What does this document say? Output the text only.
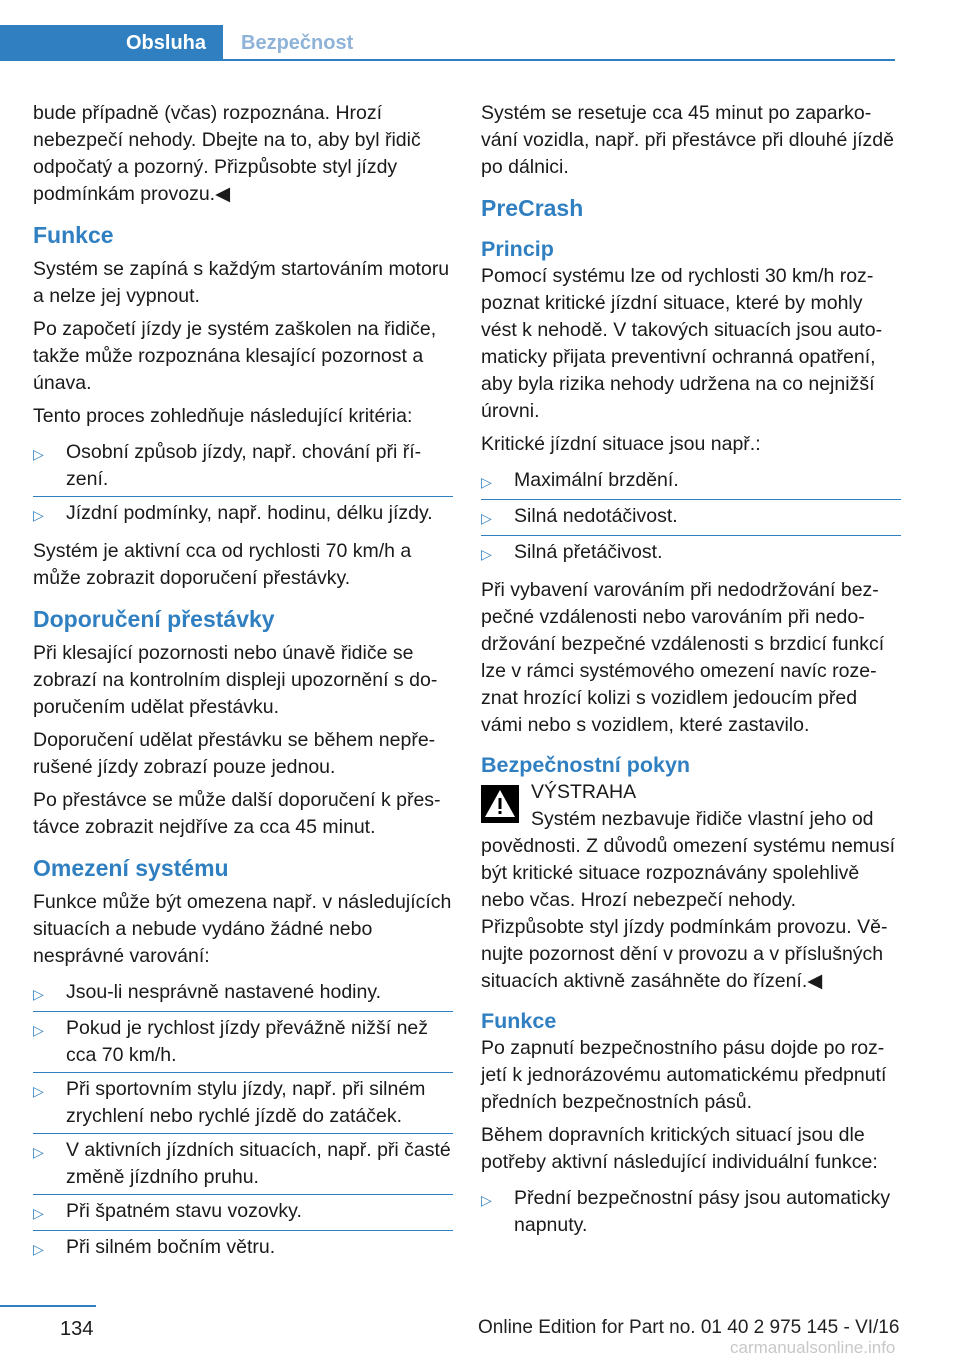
Obsluha	Bezpečnost

bude případně (včas) rozpoznána. Hrozí nebezpečí nehody. Dbejte na to, aby byl řidič odpočatý a pozorný. Přizpůsobte styl jízdy podmínkám provozu.◀

Funkce

Systém se zapíná s každým startováním motoru a nelze jej vypnout.

Po započetí jízdy je systém zaškolen na řidiče, takže může rozpoznána klesající pozornost a únava.

Tento proces zohledňuje následující kritéria:

▷	Osobní způsob jízdy, např. chování při řízení.
▷	Jízdní podmínky, např. hodinu, délku jízdy.

Systém je aktivní cca od rychlosti 70 km/h a může zobrazit doporučení přestávky.

Doporučení přestávky

Při klesající pozornosti nebo únavě řidiče se zobrazí na kontrolním displeji upozornění s doporučením udělat přestávku.

Doporučení udělat přestávku se během nepřerušené jízdy zobrazí pouze jednou.

Po přestávce se může další doporučení k přestávce zobrazit nejdříve za cca 45 minut.

Omezení systému

Funkce může být omezena např. v následujících situacích a nebude vydáno žádné nebo nesprávné varování:

▷	Jsou-li nesprávně nastavené hodiny.
▷	Pokud je rychlost jízdy převážně nižší než cca 70 km/h.
▷	Při sportovním stylu jízdy, např. při silném zrychlení nebo rychlé jízdě do zatáček.
▷	V aktivních jízdních situacích, např. při časté změně jízdního pruhu.
▷	Při špatném stavu vozovky.
▷	Při silném bočním větru.

Systém se resetuje cca 45 minut po zaparkování vozidla, např. při přestávce při dlouhé jízdě po dálnici.

PreCrash
Princip

Pomocí systému lze od rychlosti 30 km/h rozpoznat kritické jízdní situace, které by mohly vést k nehodě. V takových situacích jsou automaticky přijata preventivní ochranná opatření, aby byla rizika nehody udržena na co nejnižší úrovni.

Kritické jízdní situace jsou např.:

▷	Maximální brzdění.
▷	Silná nedotáčivost.
▷	Silná přetáčivost.

Při vybavení varováním při nedodržování bezpečné vzdálenosti nebo varováním při nedodržování bezpečné vzdálenosti s brzdicí funkcí lze v rámci systémového omezení navíc rozeznat hrozící kolizi s vozidlem jedoucím před vámi nebo s vozidlem, které zastavilo.

Bezpečnostní pokyn
VÝSTRAHA
Systém nezbavuje řidiče vlastní jeho od

povědnosti. Z důvodů omezení systému nemusí být kritické situace rozpoznávány spolehlivě nebo včas. Hrozí nebezpečí nehody. Přizpůsobte styl jízdy podmínkám provozu. Věnujte pozornost dění v provozu a v příslušných situacích aktivně zasáhněte do řízení.◀

Funkce

Po zapnutí bezpečnostního pásu dojde po rozjetí k jednorázovému automatickému předpnutí předních bezpečnostních pásů.

Během dopravních kritických situací jsou dle potřeby aktivní následující individuální funkce:

▷	Přední bezpečnostní pásy jsou automaticky napnuty.
134	Online Edition for Part no. 01 40 2 975 145 - VI/16
carmanualsonline.info
